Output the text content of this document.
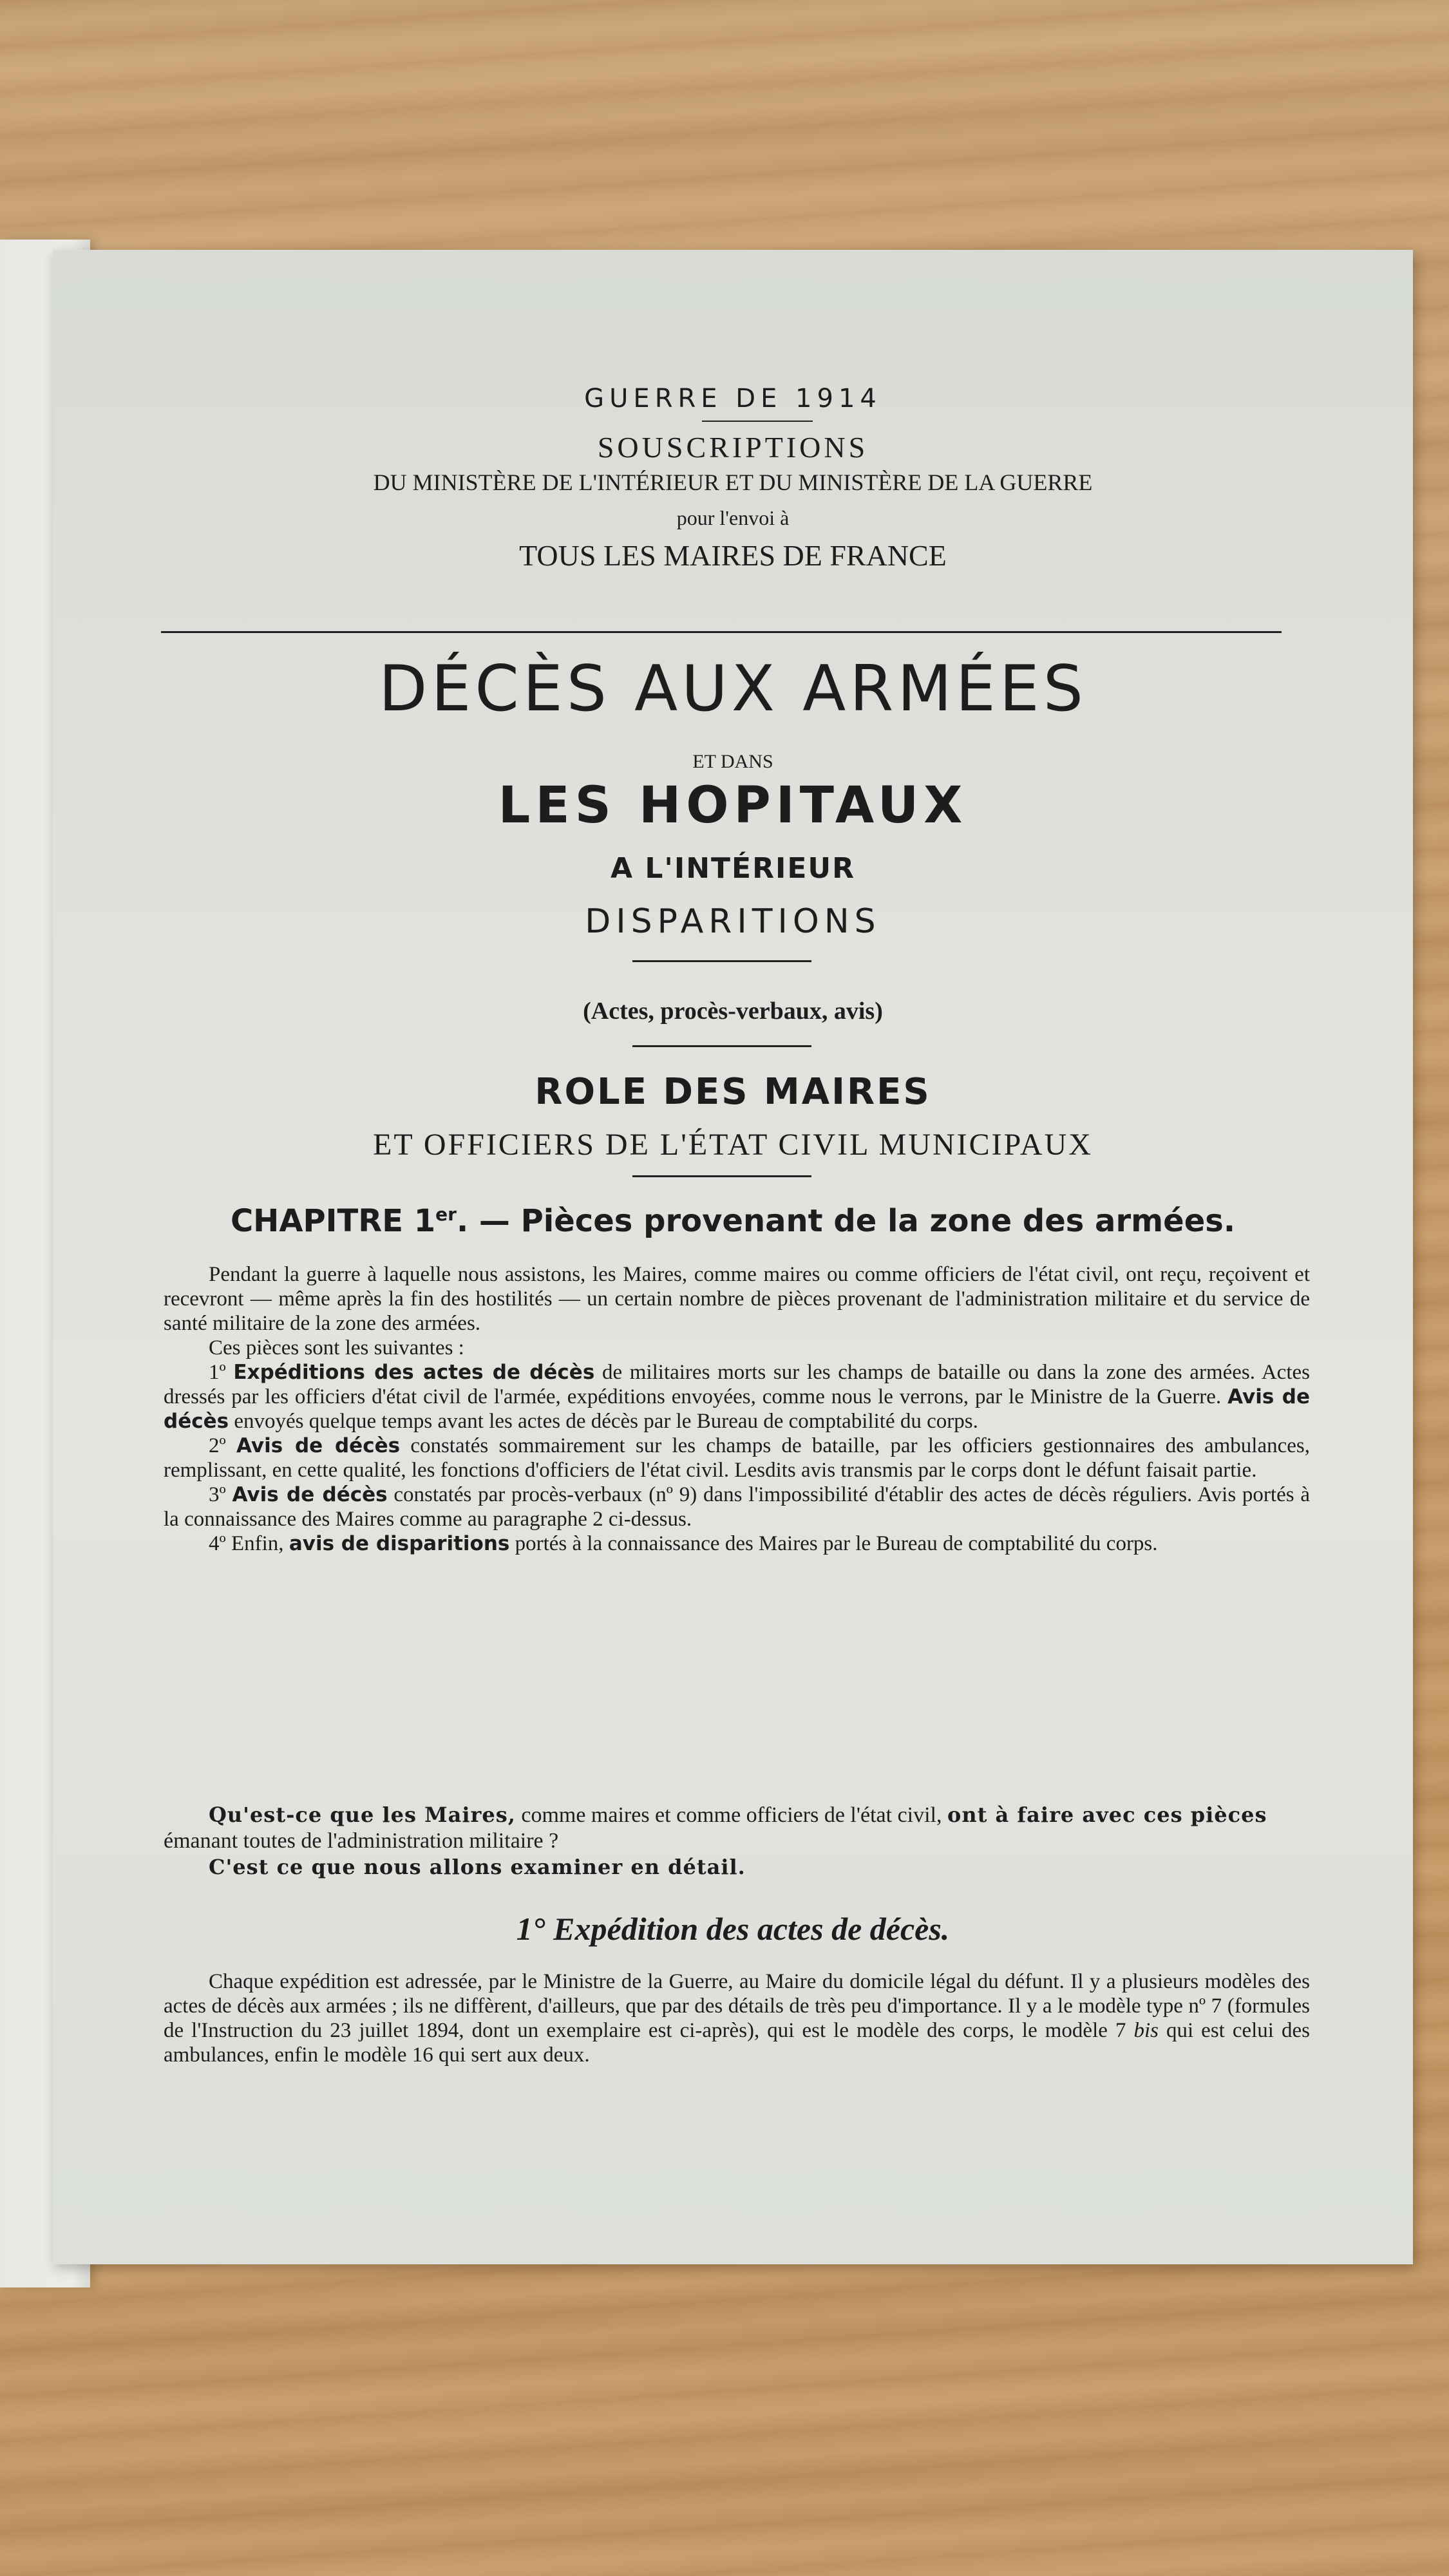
GUERRE DE 1914
SOUSCRIPTIONS
DU MINISTÈRE DE L'INTÉRIEUR ET DU MINISTÈRE DE LA GUERRE
pour l'envoi à
TOUS LES MAIRES DE FRANCE
DÉCÈS AUX ARMÉES
ET DANS
LES HOPITAUX
A L'INTÉRIEUR
DISPARITIONS
(Actes, procès-verbaux, avis)
ROLE DES MAIRES
ET OFFICIERS DE L'ÉTAT CIVIL MUNICIPAUX
CHAPITRE 1er. — Pièces provenant de la zone des armées.

Pendant la guerre à laquelle nous assistons, les Maires, comme maires ou comme officiers de l'état civil, ont reçu, reçoivent et recevront — même après la fin des hostilités — un certain nombre de pièces provenant de l'administration militaire et du service de santé militaire de la zone des armées.

Ces pièces sont les suivantes :

1º Expéditions des actes de décès de militaires morts sur les champs de bataille ou dans la zone des armées. Actes dressés par les officiers d'état civil de l'armée, expéditions envoyées, comme nous le verrons, par le Ministre de la Guerre. Avis de décès envoyés quelque temps avant les actes de décès par le Bureau de comptabilité du corps.

2º Avis de décès constatés sommairement sur les champs de bataille, par les officiers gestionnaires des ambulances, remplissant, en cette qualité, les fonctions d'officiers de l'état civil. Lesdits avis transmis par le corps dont le défunt faisait partie.

3º Avis de décès constatés par procès-verbaux (nº 9) dans l'impossibilité d'établir des actes de décès réguliers. Avis portés à la connaissance des Maires comme au paragraphe 2 ci-dessus.

4º Enfin, avis de disparitions portés à la connaissance des Maires par le Bureau de comptabilité du corps.

Qu'est-ce que les Maires, comme maires et comme officiers de l'état civil, ont à faire avec ces pièces émanant toutes de l'administration militaire ?

C'est ce que nous allons examiner en détail.

1° Expédition des actes de décès.

Chaque expédition est adressée, par le Ministre de la Guerre, au Maire du domicile légal du défunt. Il y a plusieurs modèles des actes de décès aux armées ; ils ne diffèrent, d'ailleurs, que par des détails de très peu d'importance. Il y a le modèle type nº 7 (formules de l'Instruction du 23 juillet 1894, dont un exemplaire est ci-après), qui est le modèle des corps, le modèle 7 bis qui est celui des ambulances, enfin le modèle 16 qui sert aux deux.
